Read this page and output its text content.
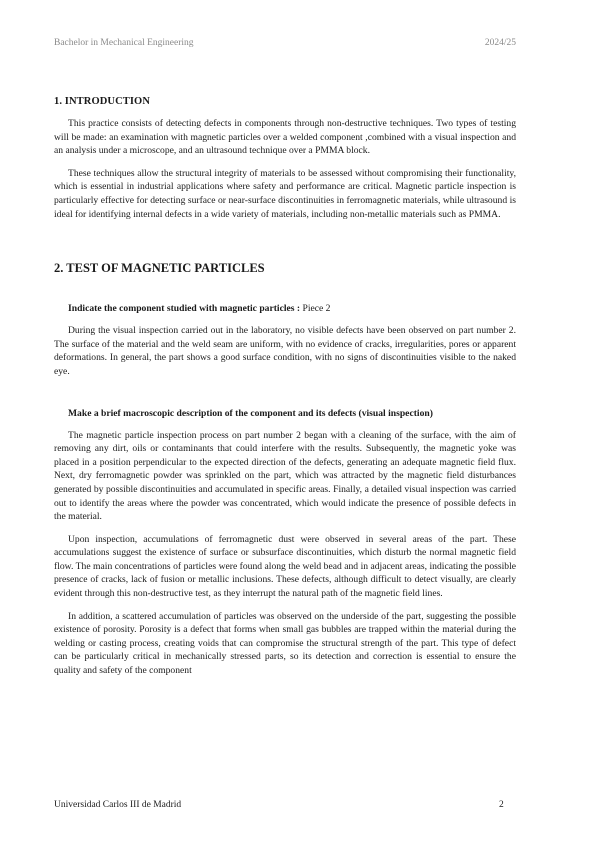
Bachelor in Mechanical Engineering	2024/25
1. INTRODUCTION

This practice consists of detecting defects in components through non-destructive techniques. Two types of testing will be made: an examination with magnetic particles over a welded component ,combined with a visual inspection and an analysis under a microscope, and an ultrasound technique over a PMMA block.

These techniques allow the structural integrity of materials to be assessed without compromising their functionality, which is essential in industrial applications where safety and performance are critical. Magnetic particle inspection is particularly effective for detecting surface or near-surface discontinuities in ferromagnetic materials, while ultrasound is ideal for identifying internal defects in a wide variety of materials, including non-metallic materials such as PMMA.

2. TEST OF MAGNETIC PARTICLES
Indicate the component studied with magnetic particles : Piece 2

During the visual inspection carried out in the laboratory, no visible defects have been observed on part number 2. The surface of the material and the weld seam are uniform, with no evidence of cracks, irregularities, pores or apparent deformations. In general, the part shows a good surface condition, with no signs of discontinuities visible to the naked eye.

Make a brief macroscopic description of the component and its defects (visual inspection)

The magnetic particle inspection process on part number 2 began with a cleaning of the surface, with the aim of removing any dirt, oils or contaminants that could interfere with the results. Subsequently, the magnetic yoke was placed in a position perpendicular to the expected direction of the defects, generating an adequate magnetic field flux. Next, dry ferromagnetic powder was sprinkled on the part, which was attracted by the magnetic field disturbances generated by possible discontinuities and accumulated in specific areas. Finally, a detailed visual inspection was carried out to identify the areas where the powder was concentrated, which would indicate the presence of possible defects in the material.

Upon inspection, accumulations of ferromagnetic dust were observed in several areas of the part. These accumulations suggest the existence of surface or subsurface discontinuities, which disturb the normal magnetic field flow. The main concentrations of particles were found along the weld bead and in adjacent areas, indicating the possible presence of cracks, lack of fusion or metallic inclusions. These defects, although difficult to detect visually, are clearly evident through this non-destructive test, as they interrupt the natural path of the magnetic field lines.

In addition, a scattered accumulation of particles was observed on the underside of the part, suggesting the possible existence of porosity. Porosity is a defect that forms when small gas bubbles are trapped within the material during the welding or casting process, creating voids that can compromise the structural strength of the part. This type of defect can be particularly critical in mechanically stressed parts, so its detection and correction is essential to ensure the quality and safety of the component

Universidad Carlos III de Madrid	2
